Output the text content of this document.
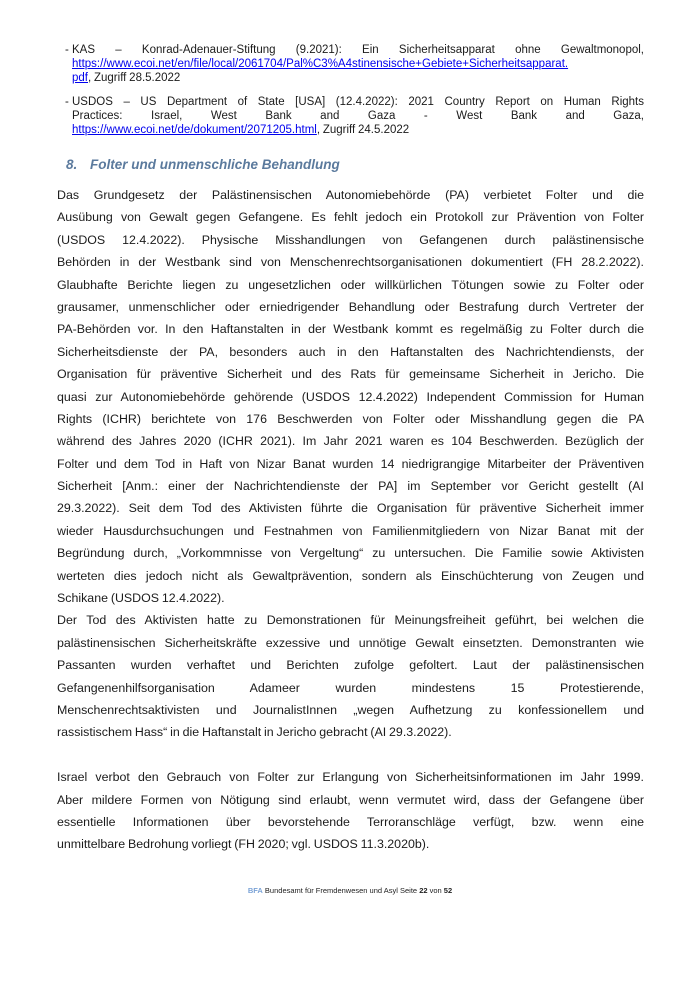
- KAS – Konrad-Adenauer-Stiftung (9.2021): Ein Sicherheitsapparat ohne Gewaltmonopol,
https://www.ecoi.net/en/file/local/2061704/Pal%C3%A4stinensische+Gebiete+Sicherheitsapparat.
pdf, Zugriff 28.5.2022
- USDOS – US Department of State [USA] (12.4.2022): 2021 Country Report on Human Rights
Practices: Israel, West Bank and Gaza - West Bank and Gaza,
https://www.ecoi.net/de/dokument/2071205.html, Zugriff 24.5.2022
8. Folter und unmenschliche Behandlung
Das Grundgesetz der Palästinensischen Autonomiebehörde (PA) verbietet Folter und die
Ausübung von Gewalt gegen Gefangene. Es fehlt jedoch ein Protokoll zur Prävention von Folter
(USDOS 12.4.2022). Physische Misshandlungen von Gefangenen durch palästinensische
Behörden in der Westbank sind von Menschenrechtsorganisationen dokumentiert (FH 28.2.2022).
Glaubhafte Berichte liegen zu ungesetzlichen oder willkürlichen Tötungen sowie zu Folter oder
grausamer, unmenschlicher oder erniedrigender Behandlung oder Bestrafung durch Vertreter der
PA-Behörden vor. In den Haftanstalten in der Westbank kommt es regelmäßig zu Folter durch die
Sicherheitsdienste der PA, besonders auch in den Haftanstalten des Nachrichtendiensts, der
Organisation für präventive Sicherheit und des Rats für gemeinsame Sicherheit in Jericho. Die
quasi zur Autonomiebehörde gehörende (USDOS 12.4.2022) Independent Commission for Human
Rights (ICHR) berichtete von 176 Beschwerden von Folter oder Misshandlung gegen die PA
während des Jahres 2020 (ICHR 2021). Im Jahr 2021 waren es 104 Beschwerden. Bezüglich der
Folter und dem Tod in Haft von Nizar Banat wurden 14 niedrigrangige Mitarbeiter der Präventiven
Sicherheit [Anm.: einer der Nachrichtendienste der PA] im September vor Gericht gestellt (AI
29.3.2022). Seit dem Tod des Aktivisten führte die Organisation für präventive Sicherheit immer
wieder Hausdurchsuchungen und Festnahmen von Familienmitgliedern von Nizar Banat mit der
Begründung durch, „Vorkommnisse von Vergeltung“ zu untersuchen. Die Familie sowie Aktivisten
werteten dies jedoch nicht als Gewaltprävention, sondern als Einschüchterung von Zeugen und
Schikane (USDOS 12.4.2022).
Der Tod des Aktivisten hatte zu Demonstrationen für Meinungsfreiheit geführt, bei welchen die
palästinensischen Sicherheitskräfte exzessive und unnötige Gewalt einsetzten. Demonstranten wie
Passanten wurden verhaftet und Berichten zufolge gefoltert. Laut der palästinensischen
Gefangenenhilfsorganisation Adameer wurden mindestens 15 Protestierende,
Menschenrechtsaktivisten und JournalistInnen „wegen Aufhetzung zu konfessionellem und
rassistischem Hass“ in die Haftanstalt in Jericho gebracht (AI 29.3.2022).
Israel verbot den Gebrauch von Folter zur Erlangung von Sicherheitsinformationen im Jahr 1999.
Aber mildere Formen von Nötigung sind erlaubt, wenn vermutet wird, dass der Gefangene über
essentielle Informationen über bevorstehende Terroranschläge verfügt, bzw. wenn eine
unmittelbare Bedrohung vorliegt (FH 2020; vgl. USDOS 11.3.2020b).
BFA Bundesamt für Fremdenwesen und Asyl Seite 22 von 52
